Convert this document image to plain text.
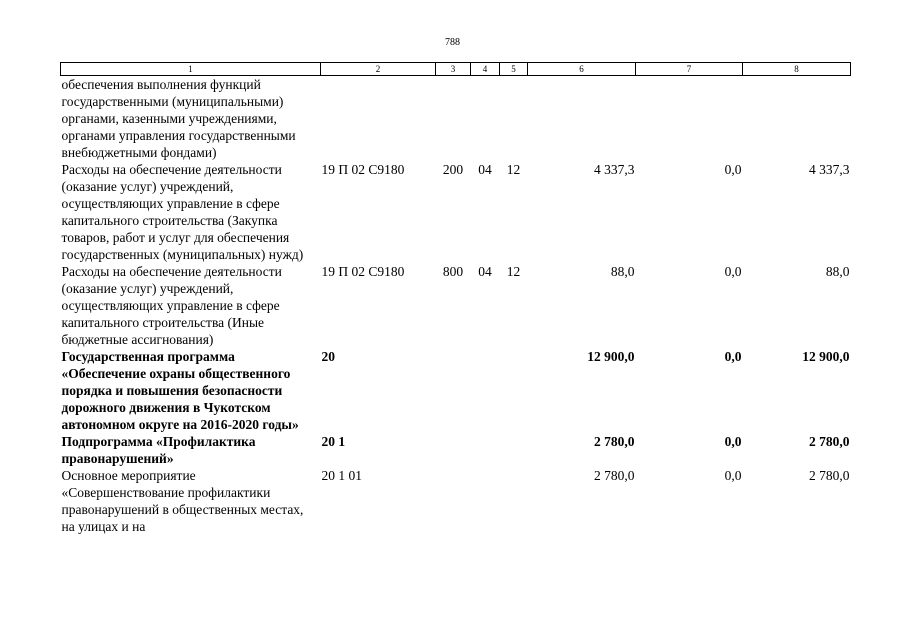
788
1	2	3	4	5	6	7	8
обеспечения выполнения функций государственными (муниципальными) органами, казенными учреждениями, органами управления государственными внебюджетными фондами)							
Расходы на обеспечение деятельности (оказание услуг) учреждений, осуществляющих управление в сфере капитального строительства (Закупка товаров, работ и услуг для обеспечения государственных (муниципальных) нужд)	19 П 02 С9180	200	04	12	4 337,3	0,0	4 337,3
Расходы на обеспечение деятельности (оказание услуг) учреждений, осуществляющих управление в сфере капитального строительства (Иные бюджетные ассигнования)	19 П 02 С9180	800	04	12	88,0	0,0	88,0
Государственная программа «Обеспечение охраны общественного порядка и повышения безопасности дорожного движения в Чукотском автономном округе на 2016-2020 годы»	20				12 900,0	0,0	12 900,0
Подпрограмма «Профилактика правонарушений»	20 1				2 780,0	0,0	2 780,0
Основное мероприятие «Совершенствование профилактики правонарушений в общественных местах, на улицах и на	20 1 01				2 780,0	0,0	2 780,0
